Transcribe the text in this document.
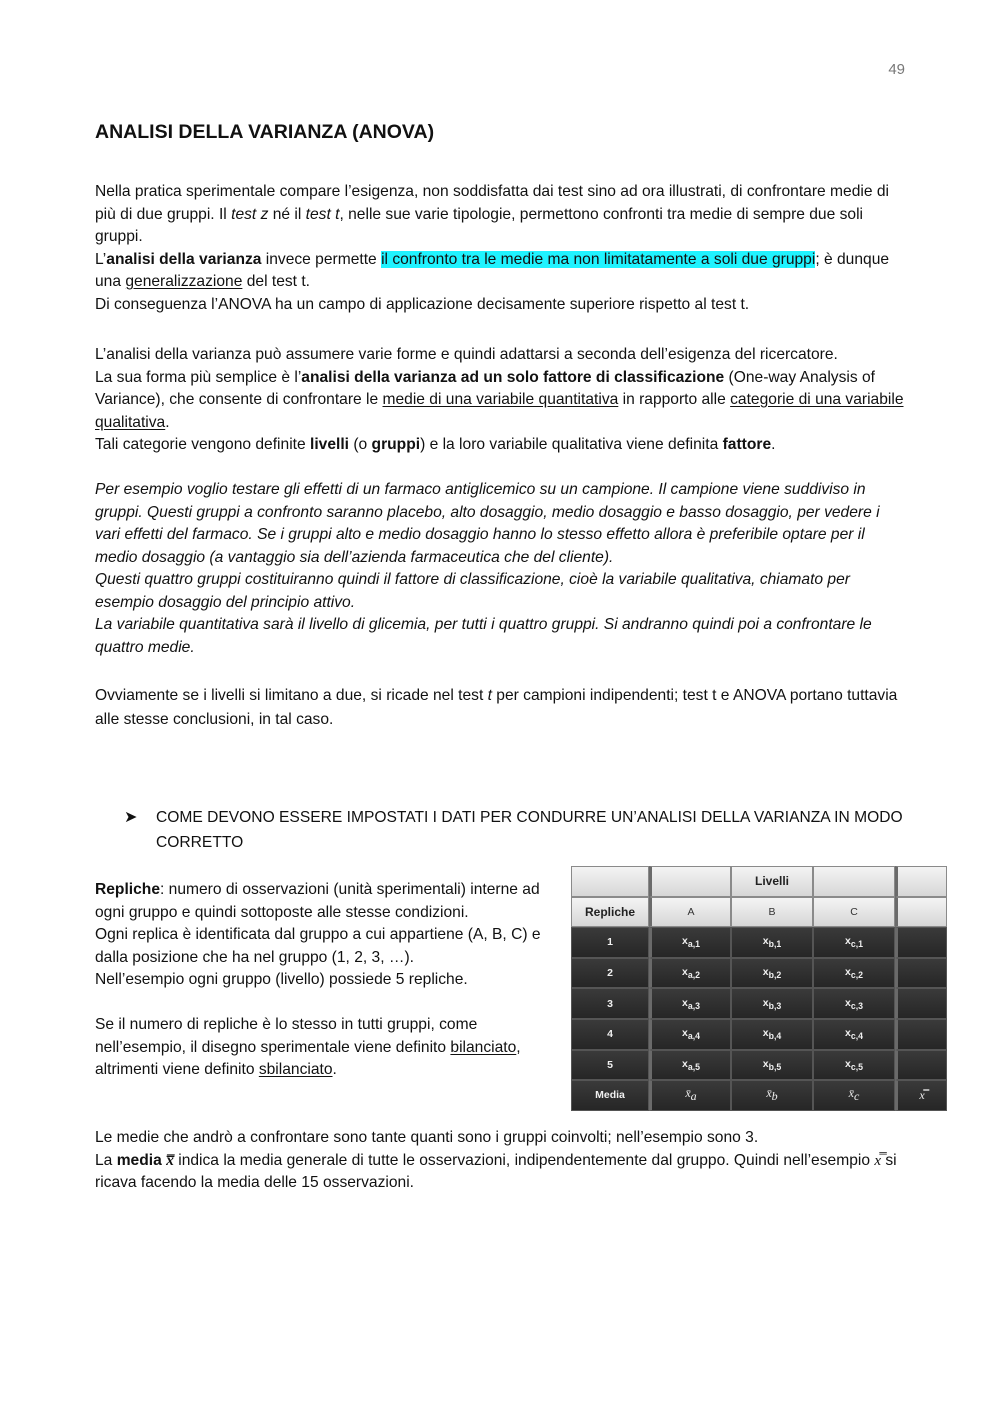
49
ANALISI DELLA VARIANZA (ANOVA)

Nella pratica sperimentale compare l’esigenza, non soddisfatta dai test sino ad ora illustrati, di confrontare medie di più di due gruppi. Il test z né il test t, nelle sue varie tipologie, permettono confronti tra medie di sempre due soli gruppi.
L’analisi della varianza invece permette il confronto tra le medie ma non limitatamente a soli due gruppi; è dunque una generalizzazione del test t.
Di conseguenza l’ANOVA ha un campo di applicazione decisamente superiore rispetto al test t.

L’analisi della varianza può assumere varie forme e quindi adattarsi a seconda dell’esigenza del ricercatore.
La sua forma più semplice è l’analisi della varianza ad un solo fattore di classificazione (One-way Analysis of Variance), che consente di confrontare le medie di una variabile quantitativa in rapporto alle categorie di una variabile qualitativa.
Tali categorie vengono definite livelli (o gruppi) e la loro variabile qualitativa viene definita fattore.

Per esempio voglio testare gli effetti di un farmaco antiglicemico su un campione. Il campione viene suddiviso in gruppi. Questi gruppi a confronto saranno placebo, alto dosaggio, medio dosaggio e basso dosaggio, per vedere i vari effetti del farmaco. Se i gruppi alto e medio dosaggio hanno lo stesso effetto allora è preferibile optare per il medio dosaggio (a vantaggio sia dell’azienda farmaceutica che del cliente).
Questi quattro gruppi costituiranno quindi il fattore di classificazione, cioè la variabile qualitativa, chiamato per esempio dosaggio del principio attivo.
La variabile quantitativa sarà il livello di glicemia, per tutti i quattro gruppi. Si andranno quindi poi a confrontare le quattro medie.

Ovviamente se i livelli si limitano a due, si ricade nel test t per campioni indipendenti; test t e ANOVA portano tuttavia alle stesse conclusioni, in tal caso.

➤	COME DEVONO ESSERE IMPOSTATI I DATI PER CONDURRE UN’ANALISI DELLA VARIANZA IN MODO CORRETTO

Repliche: numero di osservazioni (unità sperimentali) interne ad ogni gruppo e quindi sottoposte alle stesse condizioni.
Ogni replica è identificata dal gruppo a cui appartiene (A, B, C) e dalla posizione che ha nel gruppo (1, 2, 3, …).
Nell’esempio ogni gruppo (livello) possiede 5 repliche.

Se il numero di repliche è lo stesso in tutti gruppi, come nell’esempio, il disegno sperimentale viene definito bilanciato, altrimenti viene definito sbilanciato.

		Livelli		
Repliche	A	B	C	
1	$x_{a,1}$	$x_{b,1}$	$x_{c,1}$	
2	$x_{a,2}$	$x_{b,2}$	$x_{c,2}$	
3	$x_{a,3}$	$x_{b,3}$	$x_{c,3}$	
4	$x_{a,4}$	$x_{b,4}$	$x_{c,4}$	
5	$x_{a,5}$	$x_{b,5}$	$x_{c,5}$	
Media	$x̄_a$	$x̄_b$	$x̄_c$	x̿

Le medie che andrò a confrontare sono tante quanti sono i gruppi coinvolti; nell’esempio sono 3.
La media x̿ indica la media generale di tutte le osservazioni, indipendentemente dal gruppo. Quindi nell’esempio x̿ si ricava facendo la media delle 15 osservazioni.
